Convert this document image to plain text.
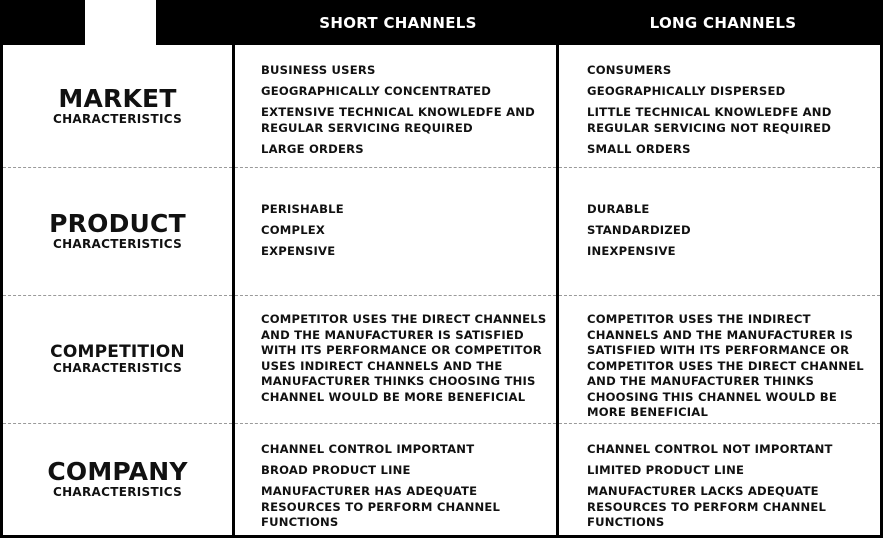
SHORT CHANNELS	LONG CHANNELS
MARKET
CHARACTERISTICS
BUSINESS USERS
GEOGRAPHICALLY CONCENTRATED
EXTENSIVE TECHNICAL KNOWLEDFE AND REGULAR SERVICING REQUIRED
LARGE ORDERS
CONSUMERS
GEOGRAPHICALLY DISPERSED
LITTLE TECHNICAL KNOWLEDFE AND REGULAR SERVICING NOT REQUIRED
SMALL ORDERS
PRODUCT
CHARACTERISTICS
PERISHABLE
COMPLEX
EXPENSIVE
DURABLE
STANDARDIZED
INEXPENSIVE
COMPETITION
CHARACTERISTICS
COMPETITOR USES THE DIRECT CHANNELS AND THE MANUFACTURER IS SATISFIED WITH ITS PERFORMANCE OR COMPETITOR USES INDIRECT CHANNELS AND THE MANUFACTURER THINKS CHOOSING THIS CHANNEL WOULD BE MORE BENEFICIAL
COMPETITOR USES THE INDIRECT CHANNELS AND THE MANUFACTURER IS SATISFIED WITH ITS PERFORMANCE OR COMPETITOR USES THE DIRECT CHANNEL AND THE MANUFACTURER THINKS CHOOSING THIS CHANNEL WOULD BE MORE BENEFICIAL
COMPANY
CHARACTERISTICS
CHANNEL CONTROL IMPORTANT
BROAD PRODUCT LINE
MANUFACTURER HAS ADEQUATE RESOURCES TO PERFORM CHANNEL FUNCTIONS
CHANNEL CONTROL NOT IMPORTANT
LIMITED PRODUCT LINE
MANUFACTURER LACKS ADEQUATE RESOURCES TO PERFORM CHANNEL FUNCTIONS
